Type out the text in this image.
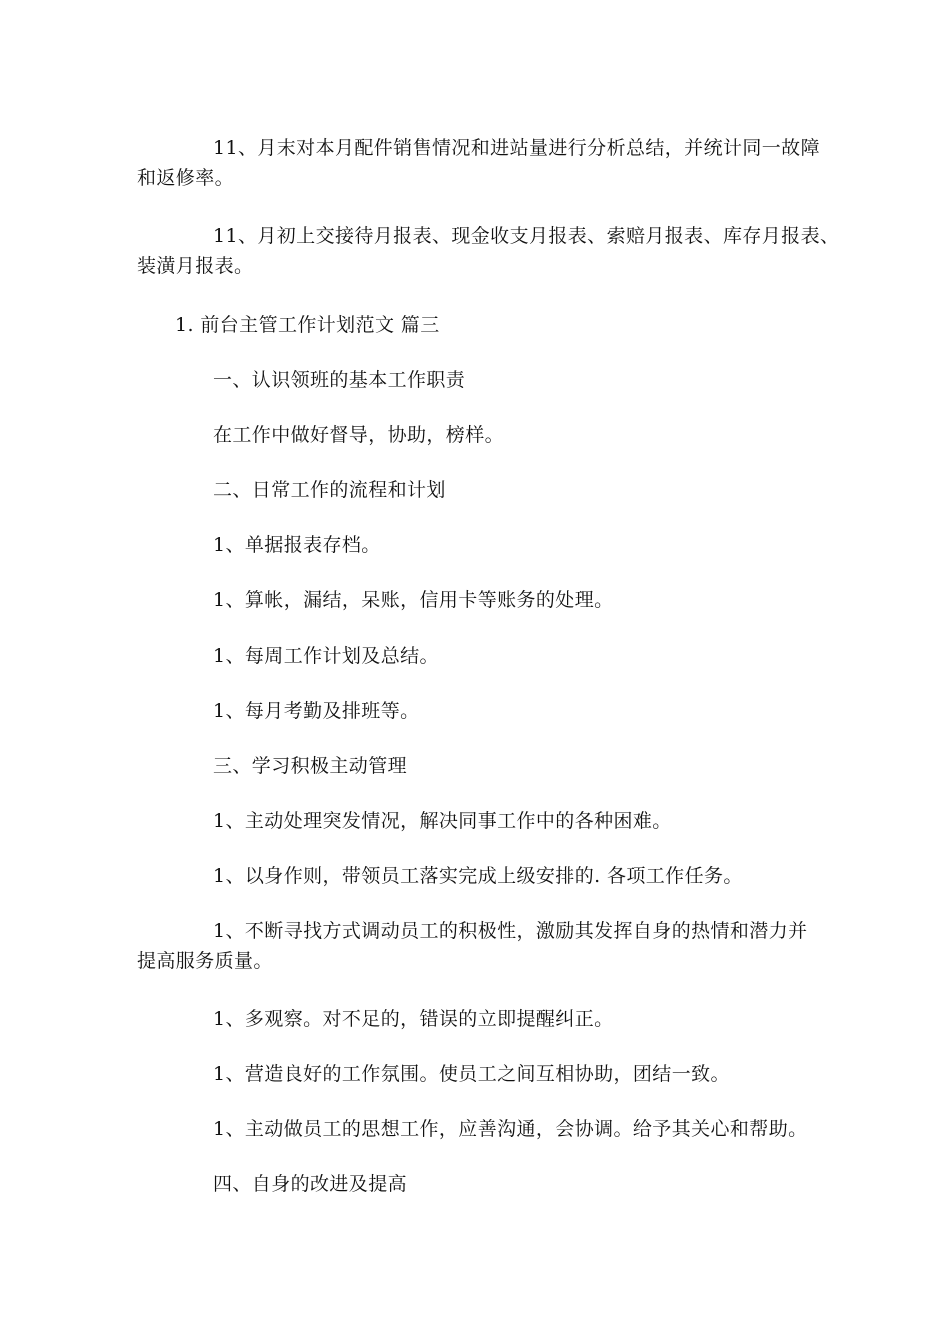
11、月末对本月配件销售情况和进站量进行分析总结，并统计同一故障
和返修率。
11、月初上交接待月报表、现金收支月报表、索赔月报表、库存月报表、
装潢月报表。
1. 前台主管工作计划范文 篇三
一、认识领班的基本工作职责
在工作中做好督导，协助，榜样。
二、日常工作的流程和计划
1、单据报表存档。
1、算帐，漏结，呆账，信用卡等账务的处理。
1、每周工作计划及总结。
1、每月考勤及排班等。
三、学习积极主动管理
1、主动处理突发情况，解决同事工作中的各种困难。
1、以身作则，带领员工落实完成上级安排的. 各项工作任务。
1、不断寻找方式调动员工的积极性，激励其发挥自身的热情和潜力并
提高服务质量。
1、多观察。对不足的，错误的立即提醒纠正。
1、营造良好的工作氛围。使员工之间互相协助，团结一致。
1、主动做员工的思想工作，应善沟通，会协调。给予其关心和帮助。
四、自身的改进及提高
